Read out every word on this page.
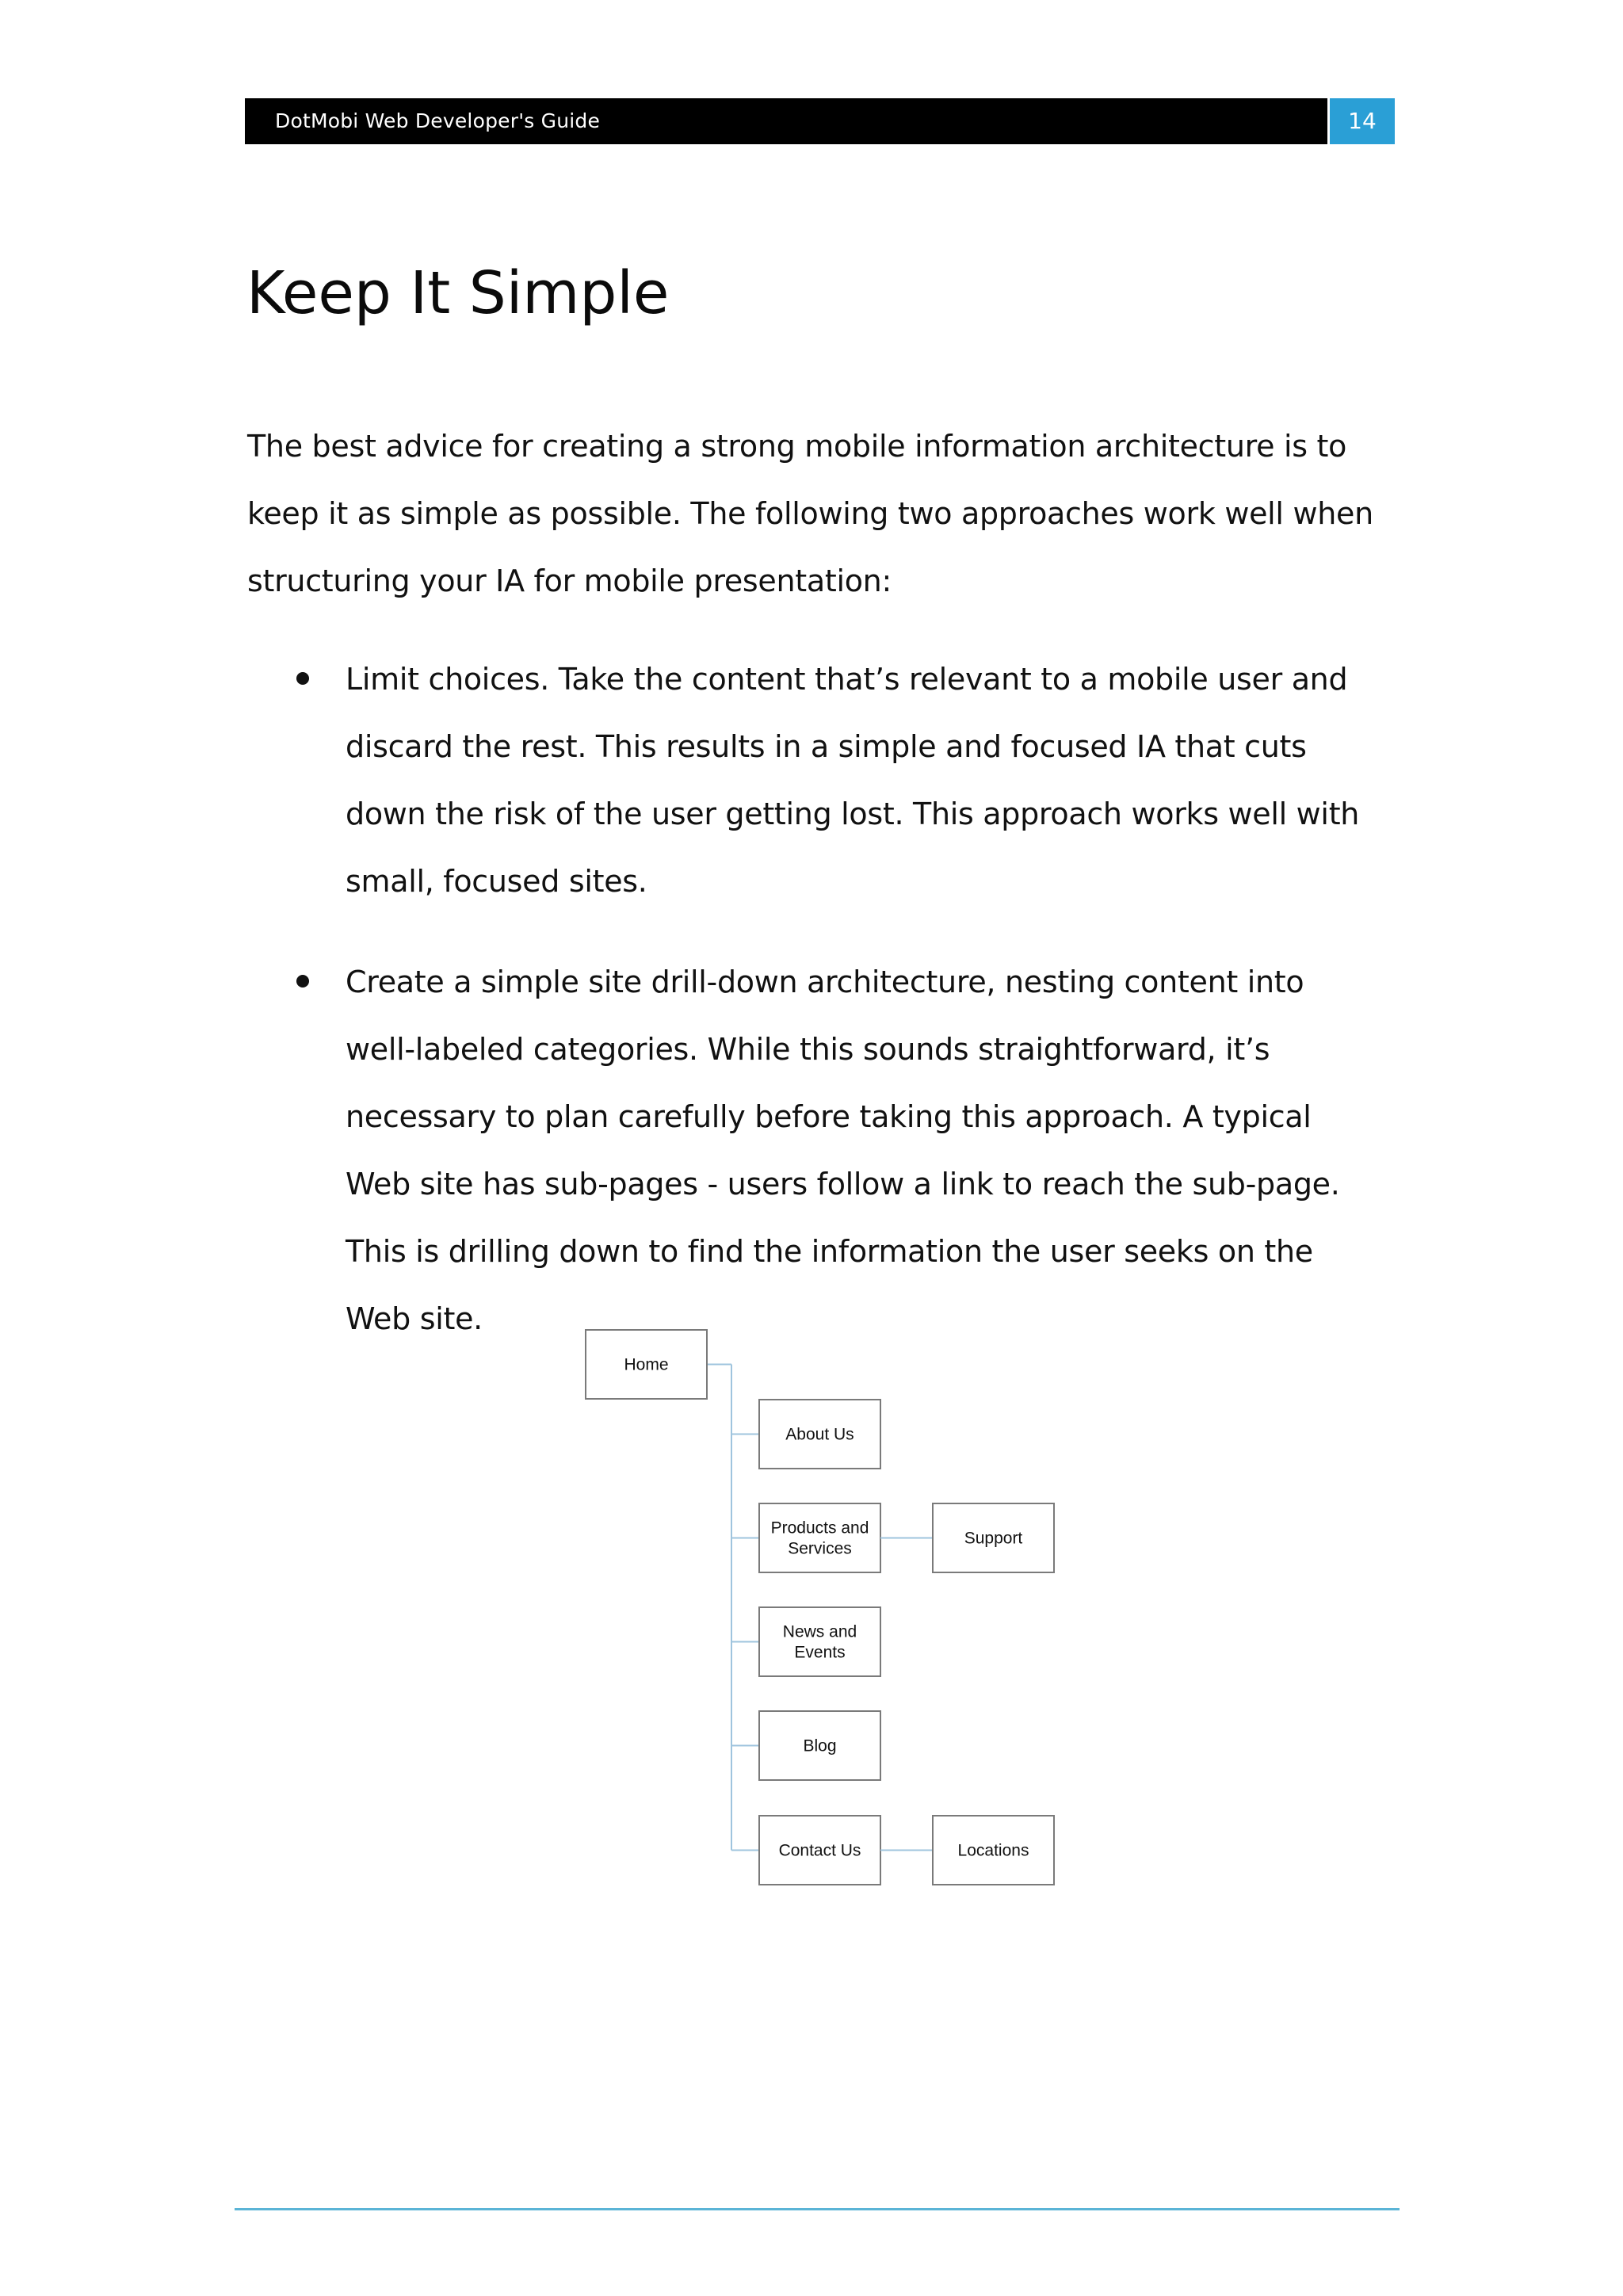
DotMobi Web Developer's Guide	14
Keep It Simple

The best advice for creating a strong mobile information architecture is to keep it as simple as possible. The following two approaches work well when structuring your IA for mobile presentation:

Limit choices. Take the content that’s relevant to a mobile user and discard the rest. This results in a simple and focused IA that cuts down the risk of the user getting lost. This approach works well with small, focused sites.

Create a simple site drill-down architecture, nesting content into well-labeled categories. While this sounds straightforward, it’s necessary to plan carefully before taking this approach. A typical Web site has sub-pages - users follow a link to reach the sub-page. This is drilling down to find the information the user seeks on the Web site.

Home
About Us
Products and Services
Support
News and Events
Blog
Contact Us	Locations
